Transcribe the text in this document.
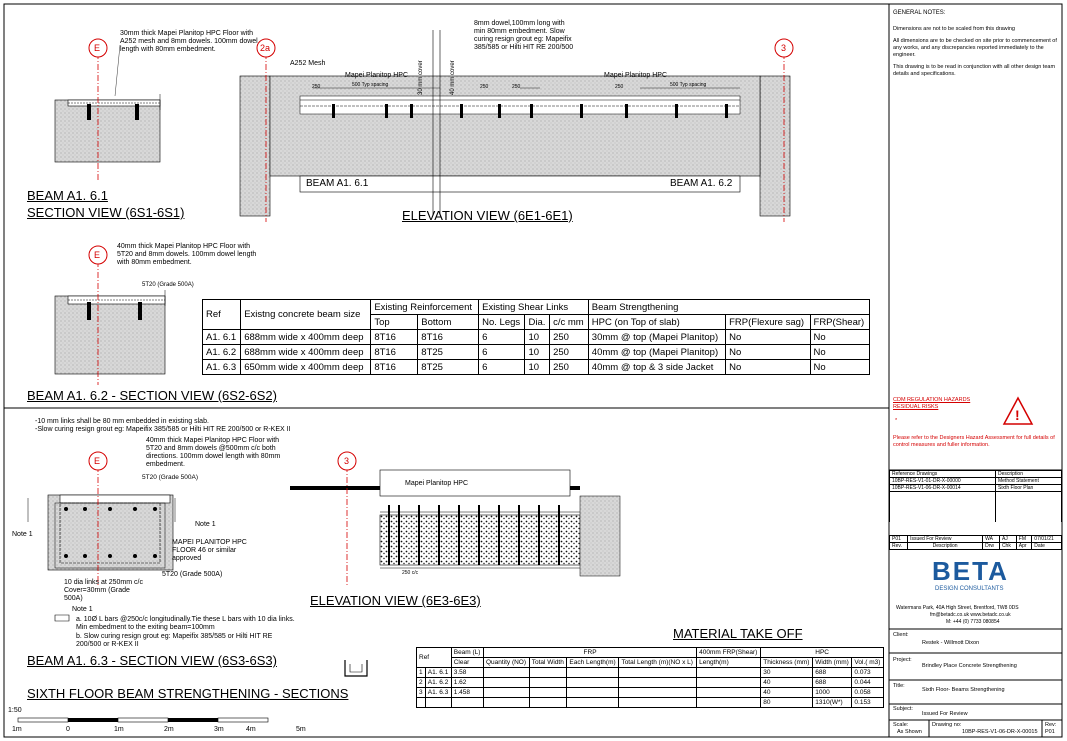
!
E
30mm thick Mapei Planitop HPC Floor with A252 mesh and 8mm dowels. 100mm dowel length with 80mm embedment.
BEAM A1. 6.1
SECTION VIEW (6S1-6S1)
2a	3
A252 Mesh
Mapei Planitop HPC	Mapei Planitop HPC
8mm dowel,100mm long with min 80mm embedment. Slow curing resign grout eg: Mapeifix 385/585 or Hilti HIT RE 200/500
250	500 Typ spacing	250	250	250	500 Typ spacing
30 mm cover	40 mm cover
BEAM A1. 6.1	BEAM A1. 6.2
ELEVATION VIEW (6E1-6E1)
E
40mm thick Mapei Planitop HPC Floor with 5T20 and 8mm dowels. 100mm dowel length with 80mm embedment.
5T20 (Grade 500A)
BEAM A1. 6.2 - SECTION VIEW (6S2-6S2)
Ref	Existng concrete beam size	Existing Reinforcement		Existing Shear Links			Beam Strengthening		
		Top	Bottom	No. Legs	Dia.	c/c mm	HPC (on Top of slab)	FRP(Flexure sag)	FRP(Shear)
A1. 6.1	688mm wide x 400mm deep	8T16	8T16	6	10	250	30mm @ top (Mapei Planitop)	No	No
A1. 6.2	688mm wide x 400mm deep	8T16	8T25	6	10	250	40mm @ top (Mapei Planitop)	No	No
A1. 6.3	650mm wide x 400mm deep	8T16	8T25	6	10	250	40mm @ top & 3 side Jacket	No	No
-10 mm links shall be 80 mm embedded in existing slab.
-Slow curing resign grout eg: Mapeifix 385/585 or Hilti HIT RE 200/500 or R-KEX II
40mm thick Mapei Planitop HPC Floor with 5T20 and 8mm dowels @500mm c/c both directions. 100mm dowel length with 80mm embedment.
E
5T20 (Grade 500A)
Note 1
Note 1
MAPEI PLANITOP HPC FLOOR 46 or similar approved
5T20 (Grade 500A)
10 dia links at 250mm c/c Cover=30mm (Grade 500A)
Note 1
a. 10Ø L bars @250c/c longitudinally.Tie these L bars with 10 dia links. Min embedment to the exiting beam=100mm
b. Slow curing resign grout eg: Mapeifix 385/585 or Hilti HIT RE 200/500 or R-KEX II
BEAM A1. 6.3 - SECTION VIEW (6S3-6S3)
3
Mapei Planitop HPC
250 c/c
ELEVATION VIEW (6E3-6E3)
MATERIAL TAKE OFF
Ref		Beam (L)	FRP				400mm FRP(Shear)	HPC		
		Clear	Quantity (NO)	Total Width	Each Length(m)	Total Length (m)(NO x L)	Length(m)	Thickness (mm)	Width (mm)	Vol.( m3)
1	A1. 6.1	3.58						30	688	0.073
2	A1. 6.2	1.62						40	688	0.044
3	A1. 6.3	1.458						40	1000	0.058
								80	1310(W*)	0.153
SIXTH FLOOR BEAM STRENGTHENING - SECTIONS
1:50
1m	0	1m	2m	3m	4m	5m
GENERAL NOTES:
Dimensions are not to be scaled from this drawing
All dimensions are to be checked on site prior to commencement of any works, and any discrepancies reported immediately to the engineer.
This drawing is to be read in conjunction with all other design team details and specifications.
CDM REGULATION HAZARDS RESIDUAL RISKS
*
Please refer to the Designers Hazard Assessment for full details of control measures and fuller information.
Reference Drawings	Description
10BP-RES-V1-01-DR-X-00000	Method Statement
10BP-RES-V1-06-DR-X-00014	Sixth Floor Plan

P01	Issued For Review	WA	AJ	FM	07/01/21
Rev.	Description	Drw	Chk	Apr	Date
BETA
DESIGN CONSULTANTS
Watermans Park, 40A High Street, Brentford, TW8 0DS
fm@betadc.co.uk www.betadc.co.uk
M: +44 (0) 7733 080854
Client:
Restek - Willmott Dixon
Project:
Brindley Place Concrete Strengthening
Title:
Sixth Floor- Beams Strengthening
Subject:
Issued For Review
Scale:
As Shown
Drawing no:
10BP-RES-V1-06-DR-X-00015
Rev:
P01
